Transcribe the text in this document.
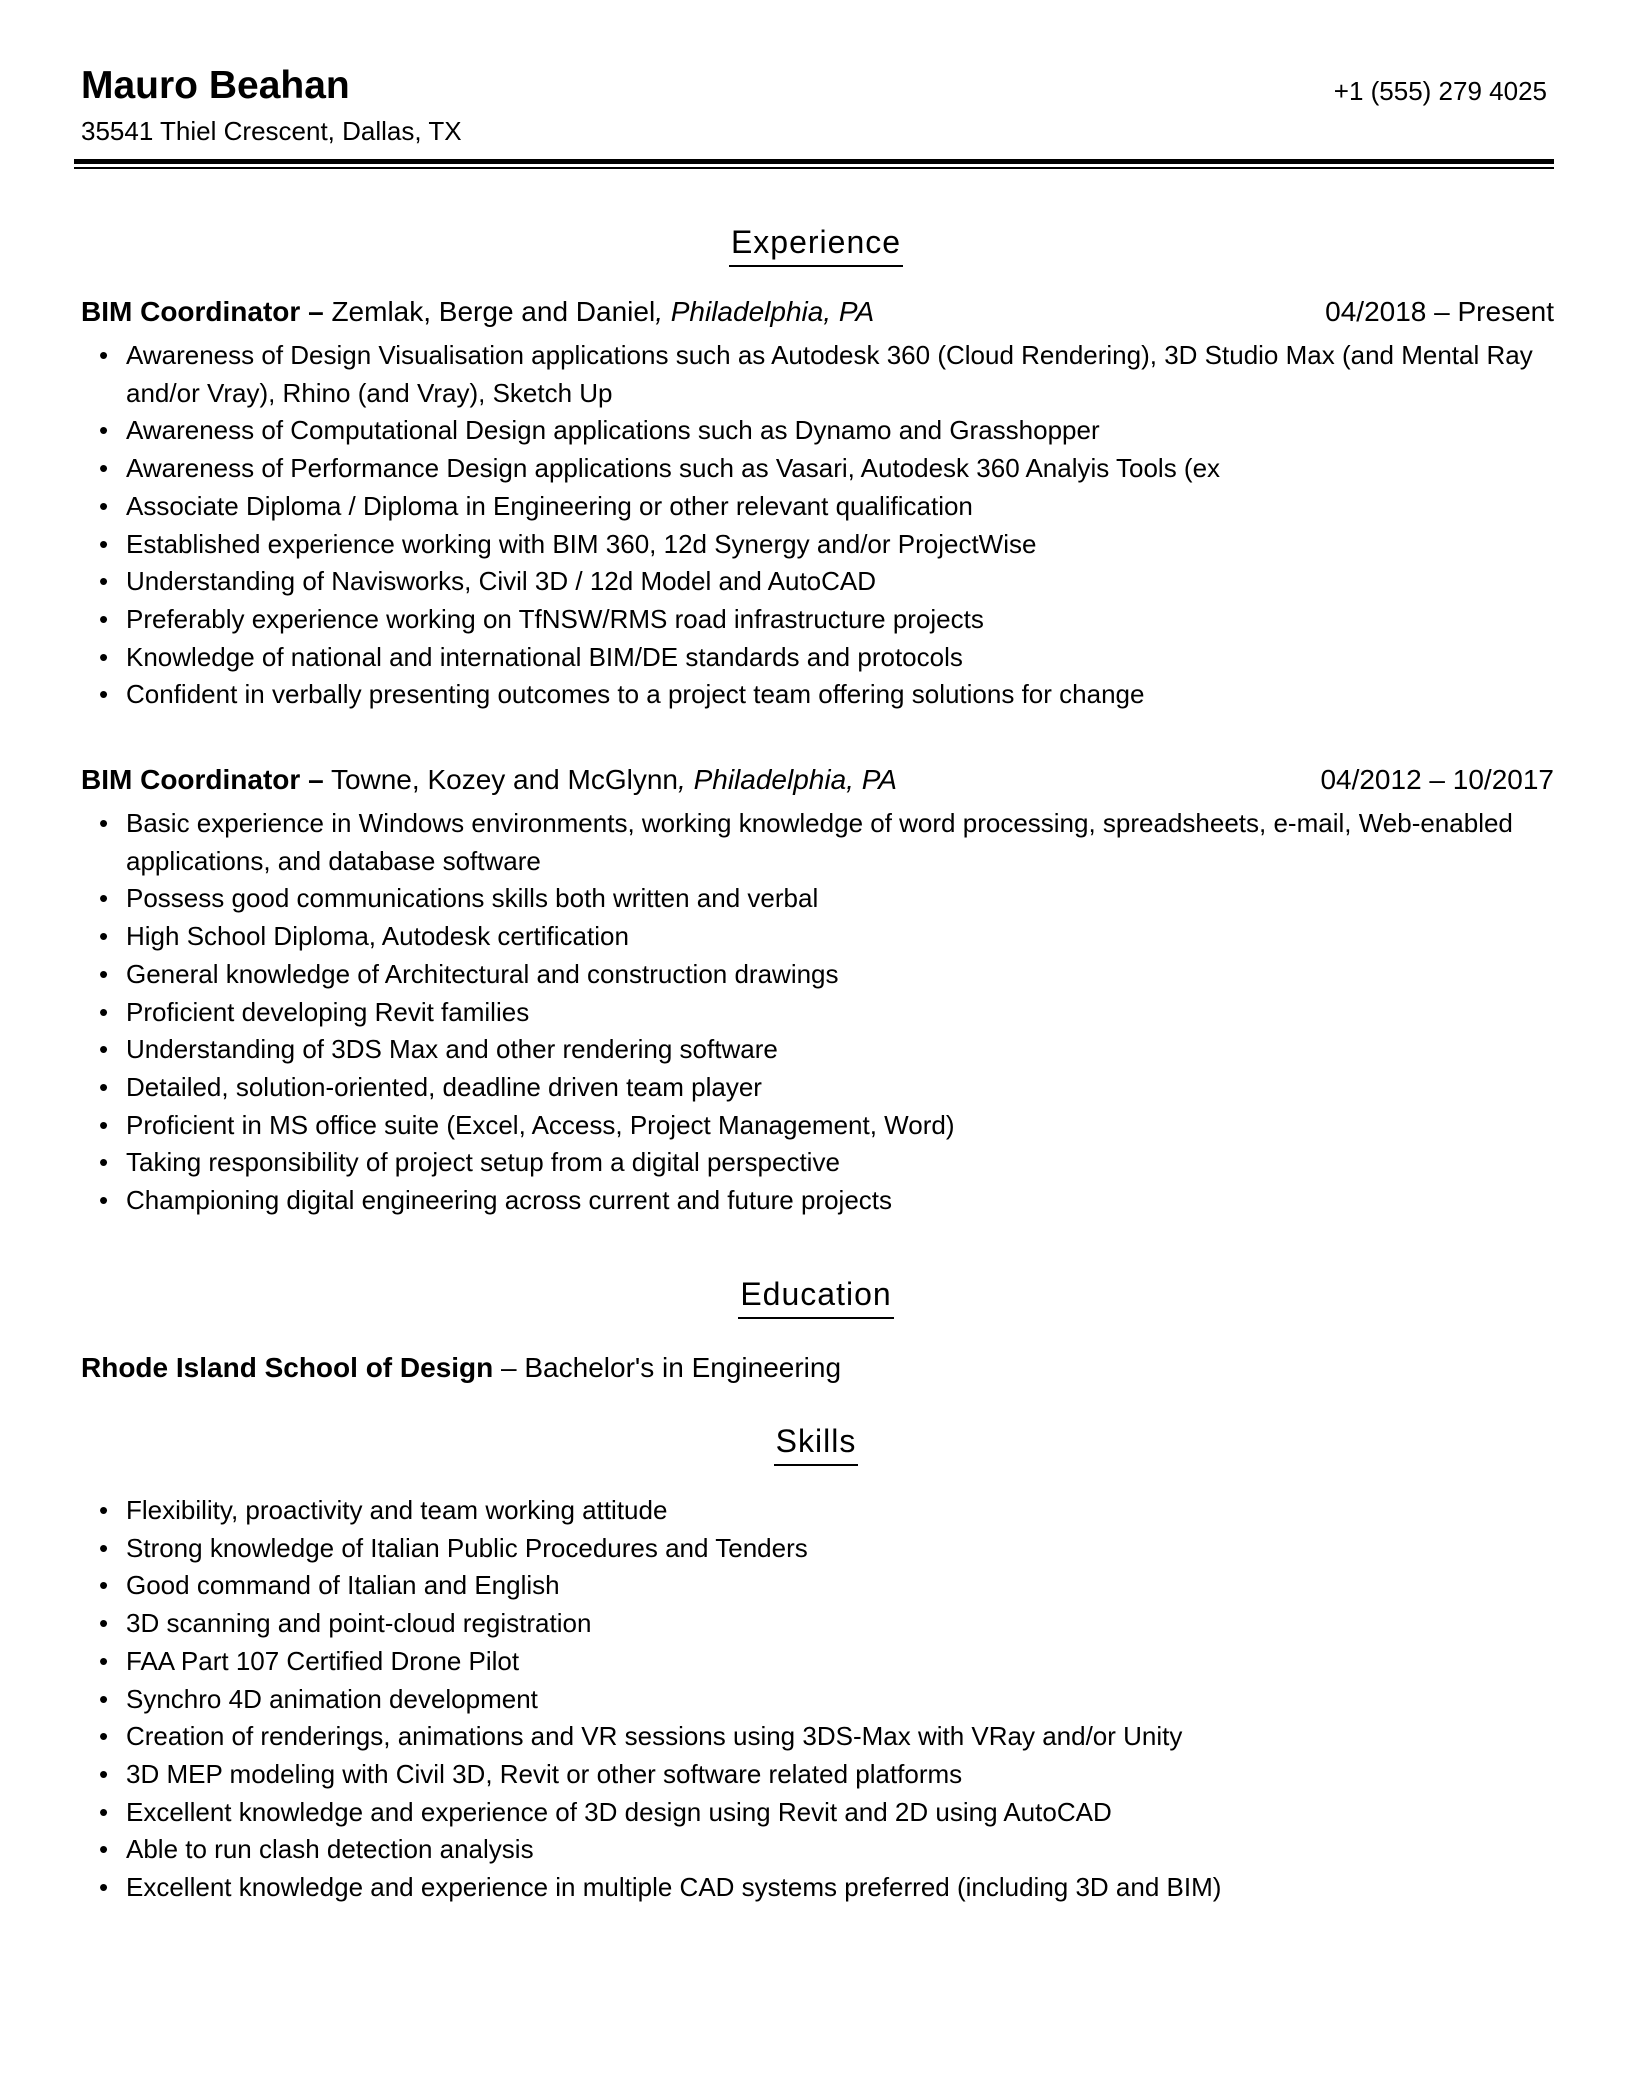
Mauro Beahan
35541 Thiel Crescent, Dallas, TX
+1 (555) 279 4025
Experience
BIM Coordinator – Zemlak, Berge and Daniel, Philadelphia, PA	04/2018 – Present
• Awareness of Design Visualisation applications such as Autodesk 360 (Cloud Rendering), 3D Studio Max (and Mental Ray and/or Vray), Rhino (and Vray), Sketch Up
• Awareness of Computational Design applications such as Dynamo and Grasshopper
• Awareness of Performance Design applications such as Vasari, Autodesk 360 Analyis Tools (ex
• Associate Diploma / Diploma in Engineering or other relevant qualification
• Established experience working with BIM 360, 12d Synergy and/or ProjectWise
• Understanding of Navisworks, Civil 3D / 12d Model and AutoCAD
• Preferably experience working on TfNSW/RMS road infrastructure projects
• Knowledge of national and international BIM/DE standards and protocols
• Confident in verbally presenting outcomes to a project team offering solutions for change
BIM Coordinator – Towne, Kozey and McGlynn, Philadelphia, PA	04/2012 – 10/2017
• Basic experience in Windows environments, working knowledge of word processing, spreadsheets, e-mail, Web-enabled applications, and database software
• Possess good communications skills both written and verbal
• High School Diploma, Autodesk certification
• General knowledge of Architectural and construction drawings
• Proficient developing Revit families
• Understanding of 3DS Max and other rendering software
• Detailed, solution-oriented, deadline driven team player
• Proficient in MS office suite (Excel, Access, Project Management, Word)
• Taking responsibility of project setup from a digital perspective
• Championing digital engineering across current and future projects
Education
Rhode Island School of Design – Bachelor's in Engineering
Skills
• Flexibility, proactivity and team working attitude
• Strong knowledge of Italian Public Procedures and Tenders
• Good command of Italian and English
• 3D scanning and point-cloud registration
• FAA Part 107 Certified Drone Pilot
• Synchro 4D animation development
• Creation of renderings, animations and VR sessions using 3DS-Max with VRay and/or Unity
• 3D MEP modeling with Civil 3D, Revit or other software related platforms
• Excellent knowledge and experience of 3D design using Revit and 2D using AutoCAD
• Able to run clash detection analysis
• Excellent knowledge and experience in multiple CAD systems preferred (including 3D and BIM)
